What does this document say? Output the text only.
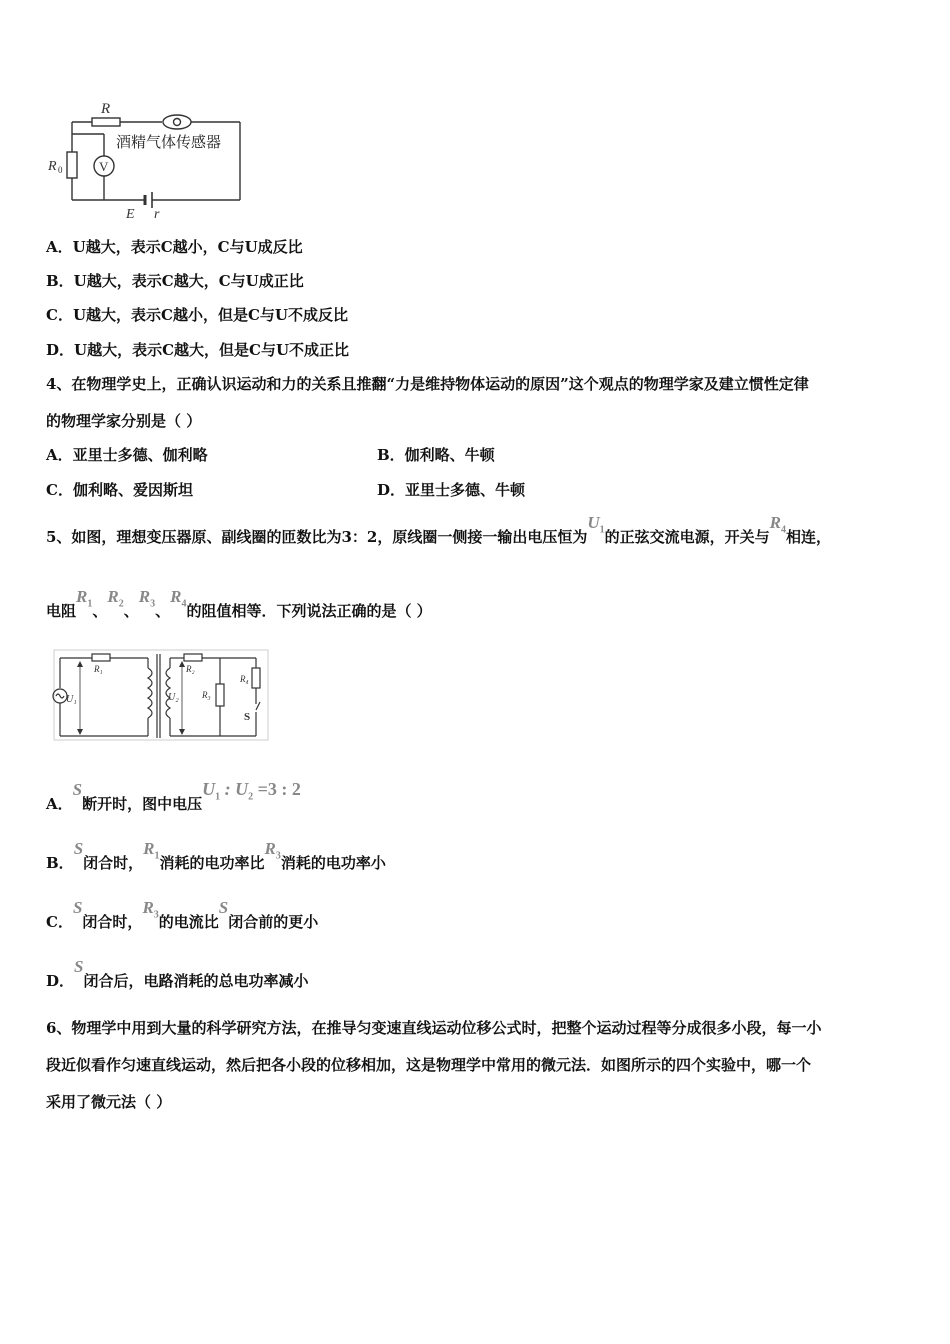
R
R 0	V
酒精气体传感器
E r
A．U越大，表示C越小，C与U成反比
B．U越大，表示C越大，C与U成正比
C．U越大，表示C越小，但是C与U不成反比
D．U越大，表示C越大，但是C与U不成正比
4、在物理学史上，正确认识运动和力的关系且推翻“力是维持物体运动的原因”这个观点的物理学家及建立惯性定律
的物理学家分别是（ ）
A．亚里士多德、伽利略	B．伽利略、牛顿
C．伽利略、爱因斯坦	D．亚里士多德、牛顿
5、如图，理想变压器原、副线圈的匝数比为3：2，原线圈一侧接一输出电压恒为$U_1$的正弦交流电源，开关与$R_4$相连，
电阻$R_1$、$R_2$、$R_3$、$R_4$的阻值相等．下列说法正确的是（ ）
R₁
U₁
R₂
U₂	R₃
R₄
S
A．S断开时，图中电压$U_1$ : $U_2 =3$ : 2
B．S闭合时，$R_1$消耗的电功率比$R_3$消耗的电功率小
C．S闭合时，$R_3$的电流比S闭合前的更小
D．S闭合后，电路消耗的总电功率减小
6、物理学中用到大量的科学研究方法，在推导匀变速直线运动位移公式时，把整个运动过程等分成很多小段，每一小
段近似看作匀速直线运动，然后把各小段的位移相加，这是物理学中常用的微元法．如图所示的四个实验中，哪一个
采用了微元法（ ）
